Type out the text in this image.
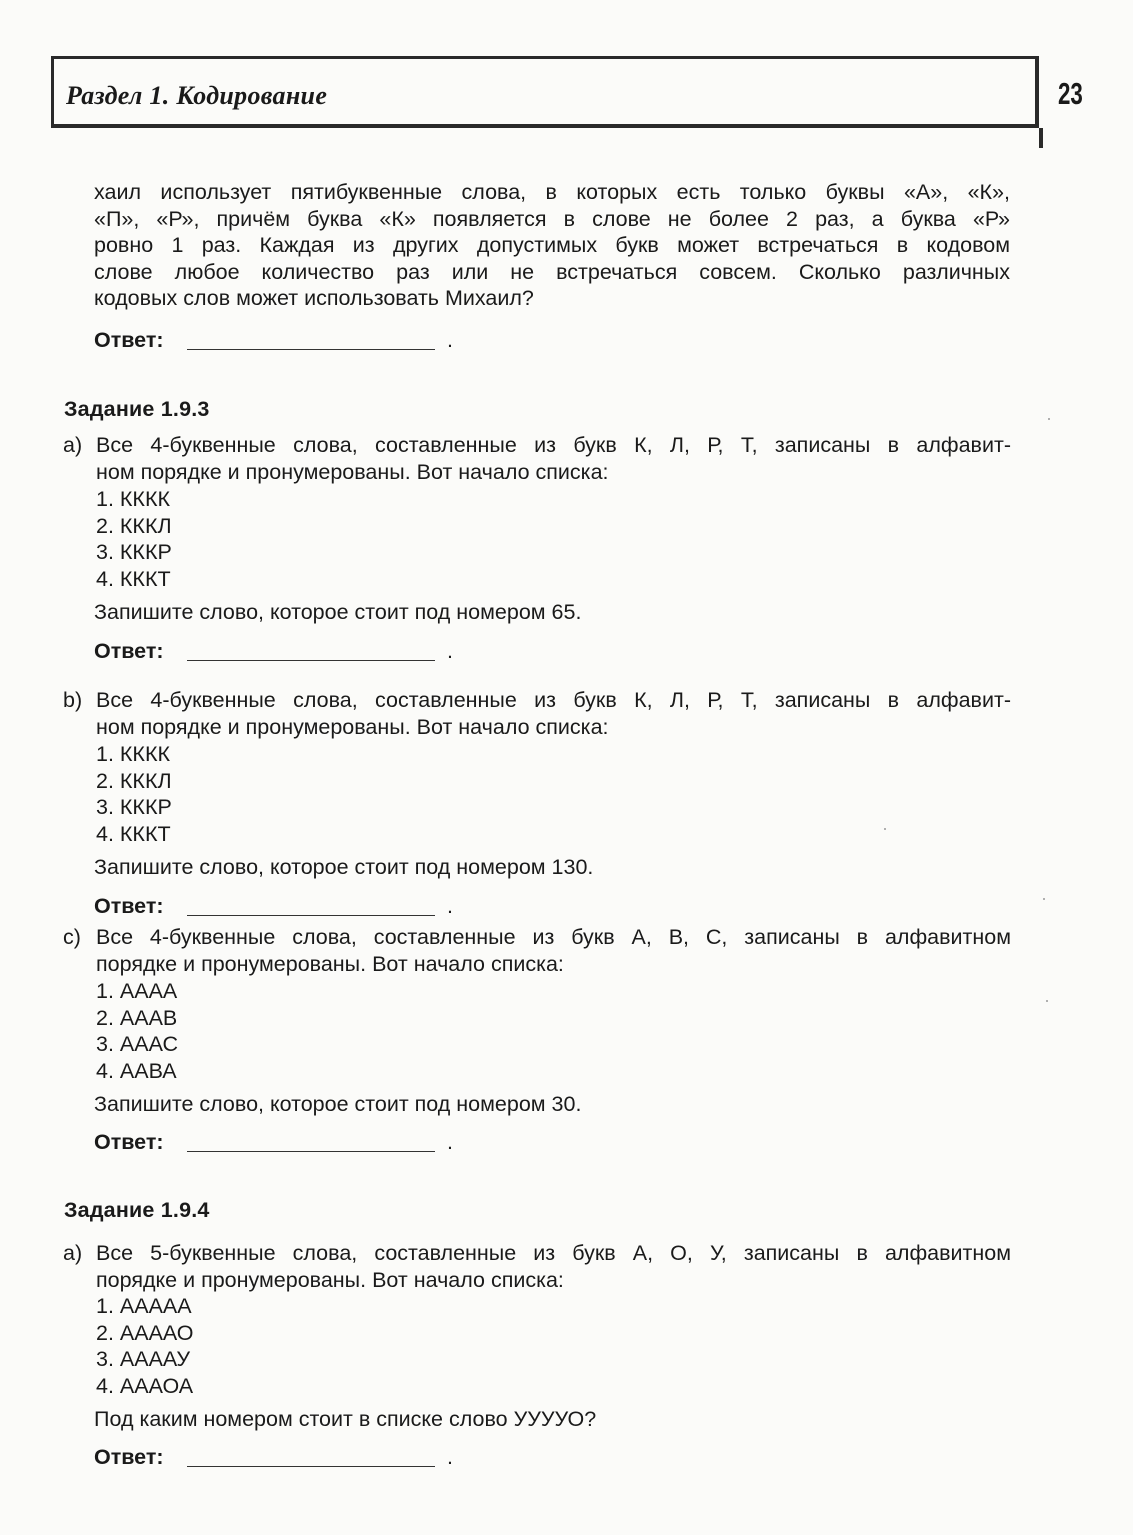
Раздел 1. Кодирование	23
хаил использует пятибуквенные слова, в которых есть только буквы «А», «К»,
«П», «Р», причём буква «К» появляется в слове не более 2 раз, а буква «Р»
ровно 1 раз. Каждая из других допустимых букв может встречаться в кодовом
слове любое количество раз или не встречаться совсем. Сколько различных
кодовых слов может использовать Михаил?
Ответ:	.
Задание 1.9.3
a) Все 4-буквенные слова, составленные из букв К, Л, Р, Т, записаны в алфавит-
ном порядке и пронумерованы. Вот начало списка:
1. КККК
2. КККЛ
3. КККР
4. КККТ
Запишите слово, которое стоит под номером 65.
Ответ:	.
b) Все 4-буквенные слова, составленные из букв К, Л, Р, Т, записаны в алфавит-
ном порядке и пронумерованы. Вот начало списка:
1. КККК
2. КККЛ
3. КККР
4. КККТ
Запишите слово, которое стоит под номером 130.
Ответ:	.
c) Все 4-буквенные слова, составленные из букв А, В, С, записаны в алфавитном
порядке и пронумерованы. Вот начало списка:
1. АААА
2. АААВ
3. АААС
4. ААВА
Запишите слово, которое стоит под номером 30.
Ответ:	.
Задание 1.9.4
a) Все 5-буквенные слова, составленные из букв А, О, У, записаны в алфавитном
порядке и пронумерованы. Вот начало списка:
1. ААААА
2. ААААО
3. ААААУ
4. АААОА
Под каким номером стоит в списке слово УУУУО?
Ответ:	.
